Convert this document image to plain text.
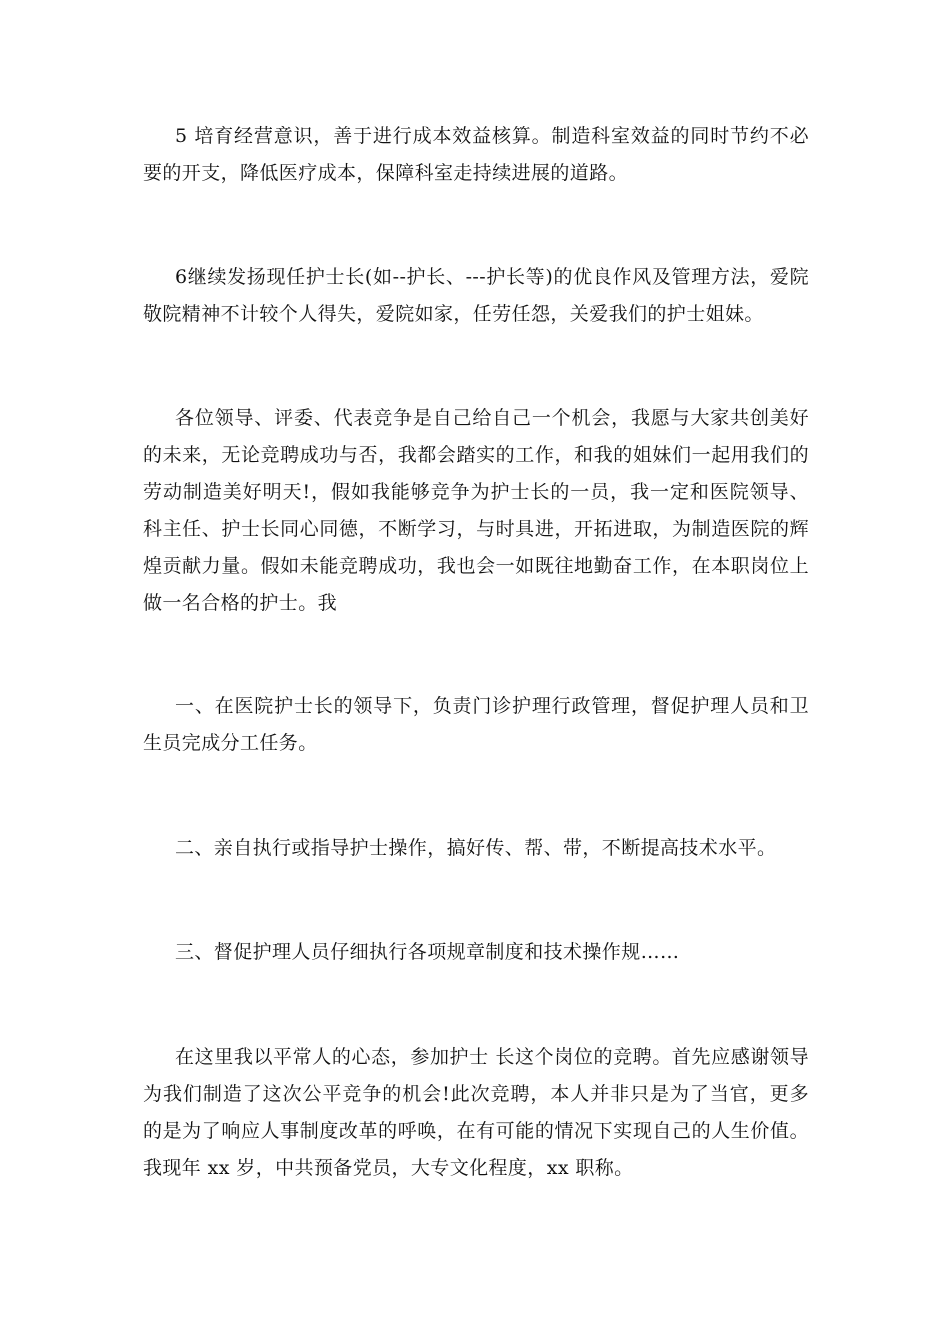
5 培育经营意识，善于进行成本效益核算。制造科室效益的同时节约不必要的开支，降低医疗成本，保障科室走持续进展的道路。

6继续发扬现任护士长(如--护长、---护长等)的优良作风及管理方法，爱院敬院精神不计较个人得失，爱院如家，任劳任怨，关爱我们的护士姐妹。

各位领导、评委、代表竞争是自己给自己一个机会，我愿与大家共创美好的未来，无论竞聘成功与否，我都会踏实的工作，和我的姐妹们一起用我们的劳动制造美好明天!，假如我能够竞争为护士长的一员，我一定和医院领导、科主任、护士长同心同德，不断学习，与时具进，开拓进取，为制造医院的辉煌贡献力量。假如未能竞聘成功，我也会一如既往地勤奋工作，在本职岗位上做一名合格的护士。我

一、在医院护士长的领导下，负责门诊护理行政管理，督促护理人员和卫生员完成分工任务。

二、亲自执行或指导护士操作，搞好传、帮、带，不断提高技术水平。

三、督促护理人员仔细执行各项规章制度和技术操作规……

在这里我以平常人的心态，参加护士 长这个岗位的竞聘。首先应感谢领导为我们制造了这次公平竞争的机会!此次竞聘，本人并非只是为了当官，更多的是为了响应人事制度改革的呼唤，在有可能的情况下实现自己的人生价值。我现年 xx 岁，中共预备党员，大专文化程度，xx 职称。
